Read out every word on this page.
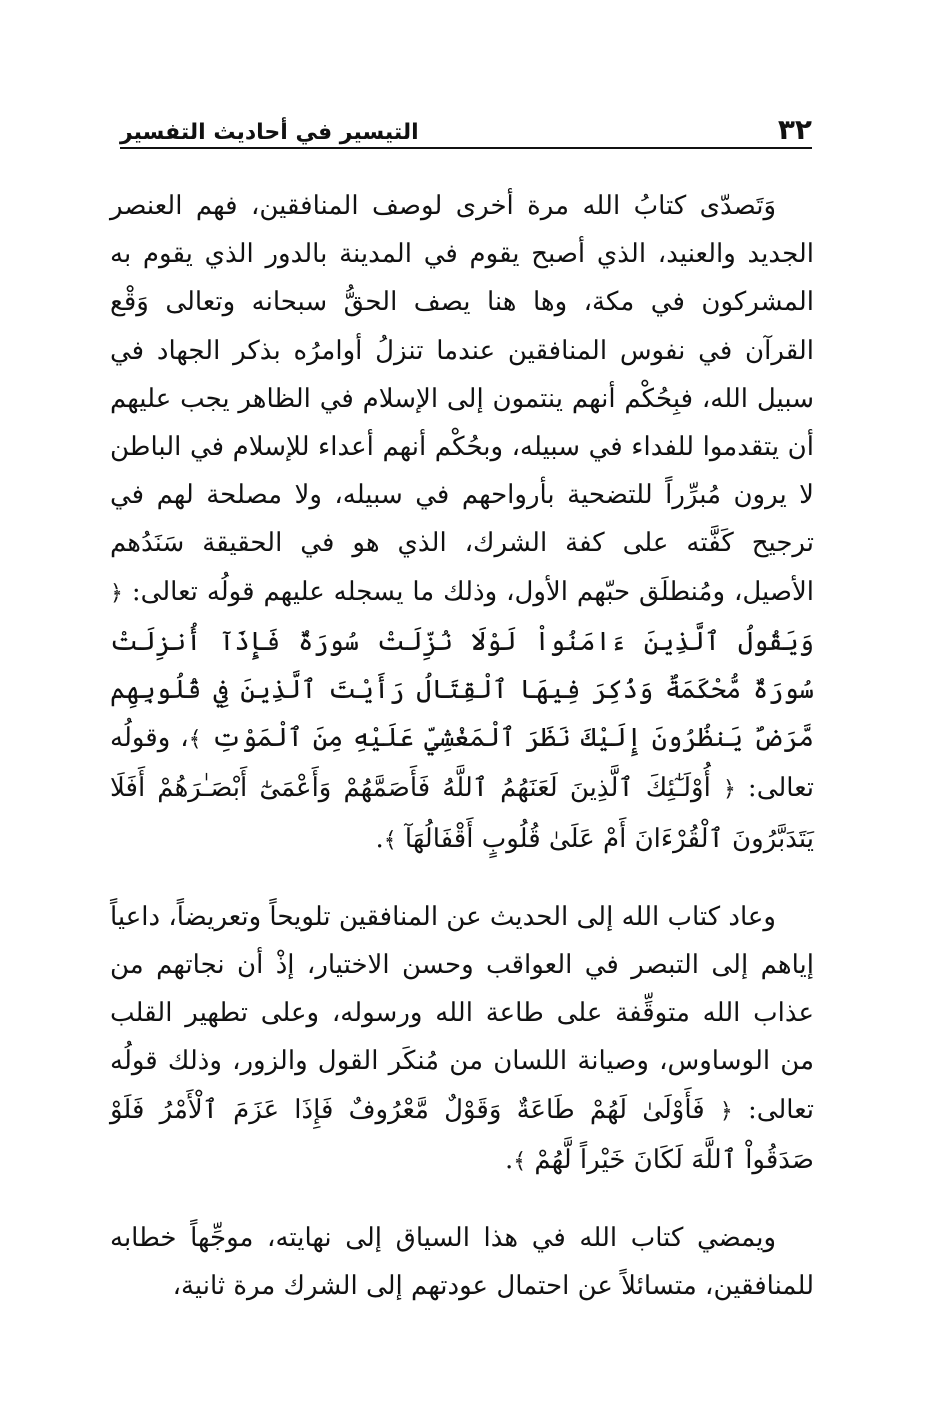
٣٢
التيسير في أحاديث التفسير

وَتَصدّى كتابُ الله مرة أخرى لوصف المنافقين، فهم العنصر الجديد والعنيد، الذي أصبح يقوم في المدينة بالدور الذي يقوم به المشركون في مكة، وها هنا يصف الحقُّ سبحانه وتعالى وَقْع القرآن في نفوس المنافقين عندما تنزلُ أوامرُه بذكر الجهاد في سبيل الله، فبِحُكْم أنهم ينتمون إلى الإسلام في الظاهر يجب عليهم أن يتقدموا للفداء في سبيله، وبحُكْم أنهم أعداء للإسلام في الباطن لا يرون مُبرِّراً للتضحية بأرواحهم في سبيله، ولا مصلحة لهم في ترجيح كَفَّته على كفة الشرك، الذي هو في الحقيقة سَنَدُهم الأصيل، ومُنطلَق حبّهم الأول، وذلك ما يسجله عليهم قولُه تعالى: ﴿ وَيَقُولُ ٱلَّذِينَ ءَامَنُواْ لَوْلَا نُزِّلَتْ سُورَةٌ فَإِذَآ أُنزِلَتْ سُورَةٌ مُّحْكَمَةٌ وَذُكِرَ فِيهَا ٱلْقِتَالُ رَأَيْتَ ٱلَّذِينَ فِي قُلُوبِهِم مَّرَضٌ يَنظُرُونَ إِلَيْكَ نَظَرَ ٱلْمَغْشِيِّ عَلَيْهِ مِنَ ٱلْمَوْتِ ﴾، وقولُه تعالى: ﴿ أُوْلَـٰٓئِكَ ٱلَّذِينَ لَعَنَهُمُ ٱللَّهُ فَأَصَمَّهُمْ وَأَعْمَىٰٓ أَبْصَـٰرَهُمْ أَفَلَا يَتَدَبَّرُونَ ٱلْقُرْءَانَ أَمْ عَلَىٰ قُلُوبٍ أَقْفَالُهَآ ﴾.

وعاد كتاب الله إلى الحديث عن المنافقين تلويحاً وتعريضاً، داعياً إياهم إلى التبصر في العواقب وحسن الاختيار، إذْ أن نجاتهم من عذاب الله متوقِّفة على طاعة الله ورسوله، وعلى تطهير القلب من الوساوس، وصيانة اللسان من مُنكَر القول والزور، وذلك قولُه تعالى: ﴿ فَأَوْلَىٰ لَهُمْ طَاعَةٌ وَقَوْلٌ مَّعْرُوفٌ فَإِذَا عَزَمَ ٱلْأَمْرُ فَلَوْ صَدَقُواْ ٱللَّهَ لَكَانَ خَيْراً لَّهُمْ ﴾.

ويمضي كتاب الله في هذا السياق إلى نهايته، موجِّهاً خطابه للمنافقين، متسائلاً عن احتمال عودتهم إلى الشرك مرة ثانية،
